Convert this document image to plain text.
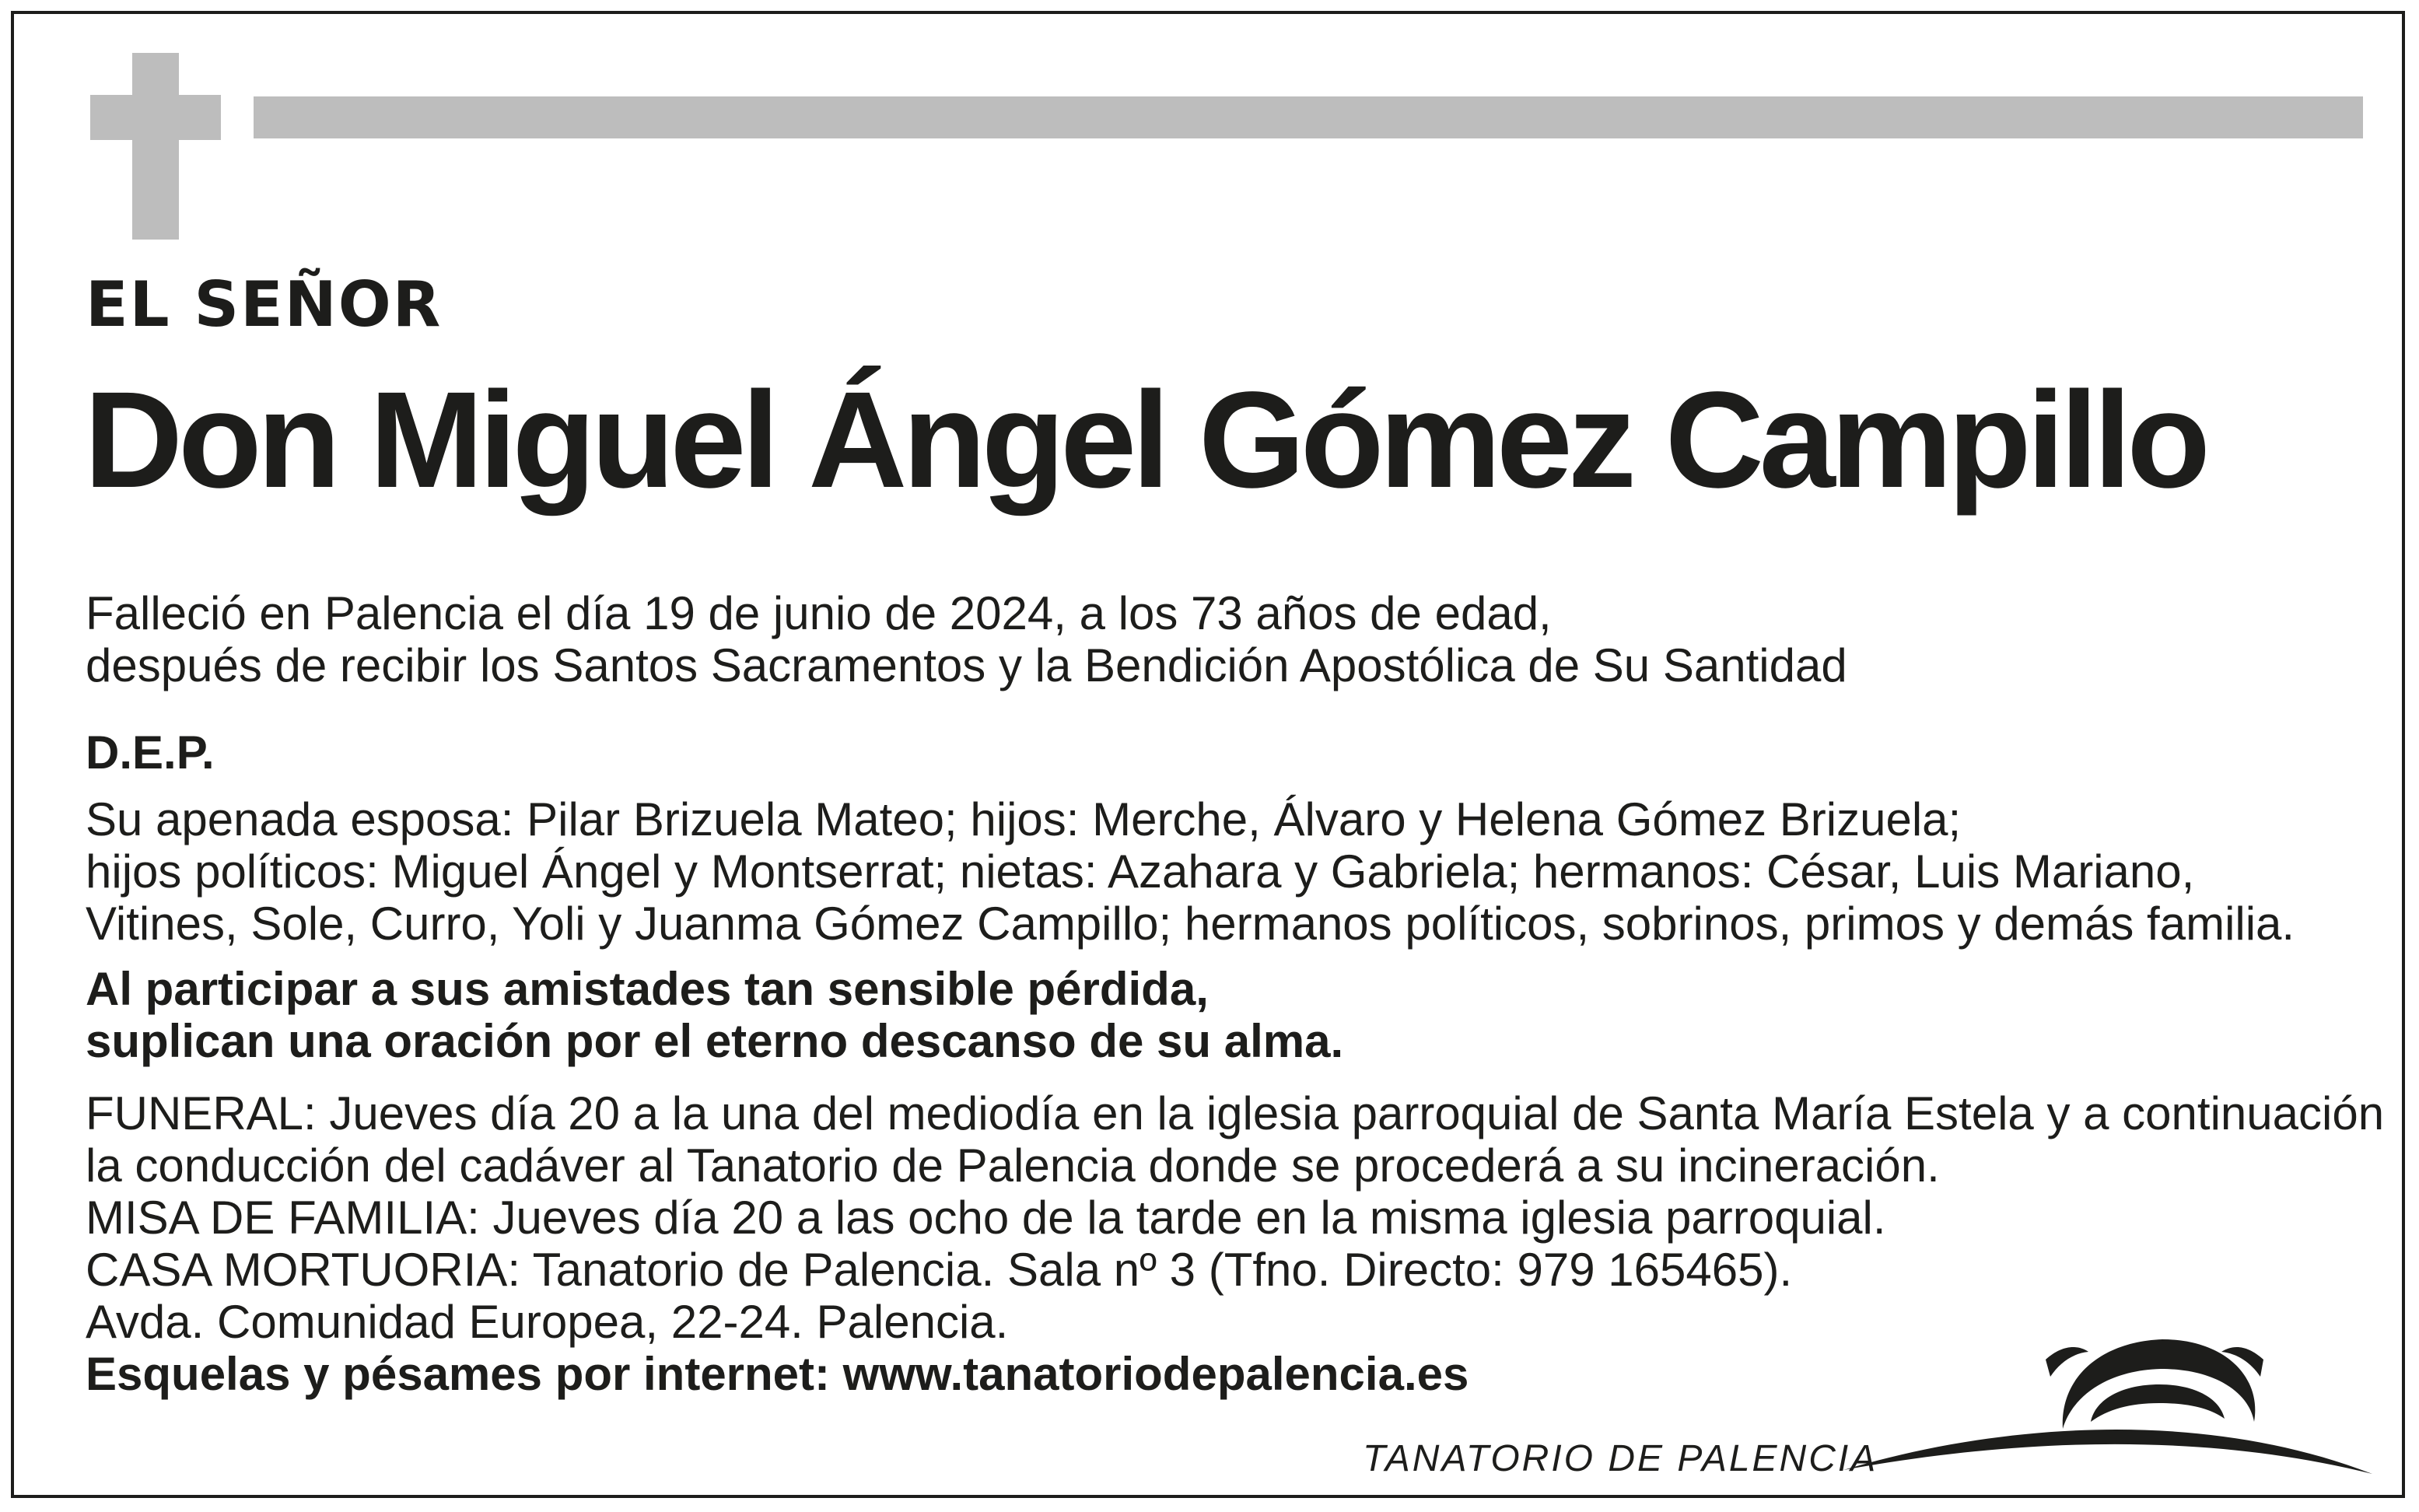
EL SEÑOR
Don Miguel Ángel Gómez Campillo
Falleció en Palencia el día 19 de junio de 2024, a los 73 años de edad,
después de recibir los Santos Sacramentos y la Bendición Apostólica de Su Santidad
D.E.P.
Su apenada esposa: Pilar Brizuela Mateo; hijos: Merche, Álvaro y Helena Gómez Brizuela;
hijos políticos: Miguel Ángel y Montserrat; nietas: Azahara y Gabriela; hermanos: César, Luis Mariano,
Vitines, Sole, Curro, Yoli y Juanma Gómez Campillo; hermanos políticos, sobrinos, primos y demás familia.
Al participar a sus amistades tan sensible pérdida,
suplican una oración por el eterno descanso de su alma.
FUNERAL: Jueves día 20 a la una del mediodía en la iglesia parroquial de Santa María Estela y a continuación
la conducción del cadáver al Tanatorio de Palencia donde se procederá a su incineración.
MISA DE FAMILIA: Jueves día 20 a las ocho de la tarde en la misma iglesia parroquial.
CASA MORTUORIA: Tanatorio de Palencia. Sala nº 3 (Tfno. Directo: 979 165465).
Avda. Comunidad Europea, 22-24. Palencia.
Esquelas y pésames por internet: www.tanatoriodepalencia.es
TANATORIO DE PALENCIA
